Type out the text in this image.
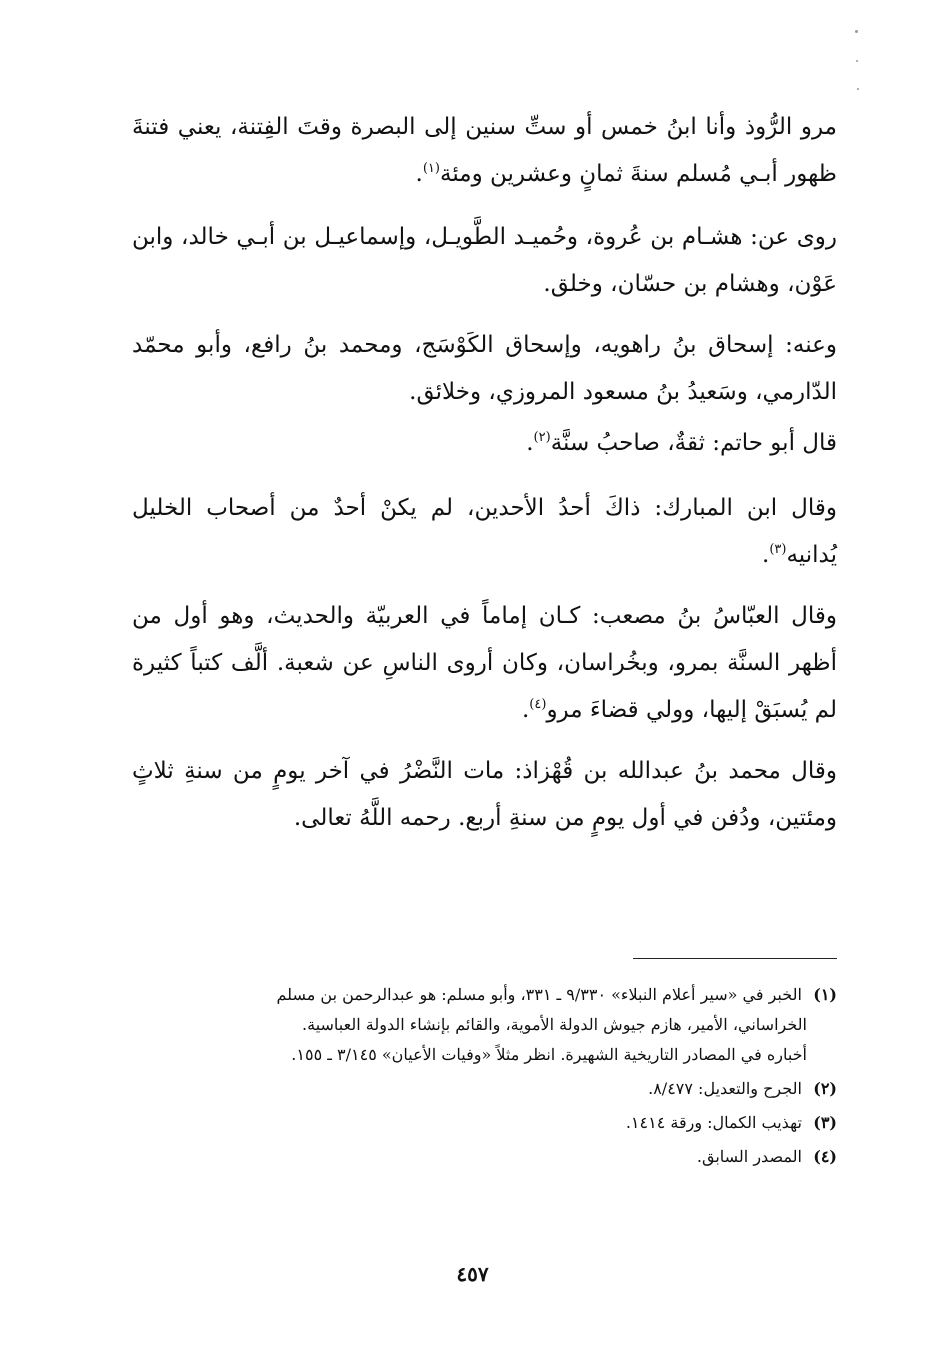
مرو الرُّوذ وأنا ابنُ خمس أو ستِّ سنين إلى البصرة وقتَ الفِتنة، يعني فتنةَ ظهور أبـي مُسلم سنةَ ثمانٍ وعشرين ومئة$^{(١)}$.

روى عن: هشـام بن عُروة، وحُميـد الطَّويـل، وإسماعيـل بن أبـي خالد، وابن عَوْن، وهشام بن حسّان، وخلق.

وعنه: إسحاق بنُ راهويه، وإسحاق الكَوْسَج، ومحمد بنُ رافع، وأبو محمّد الدّارمي، وسَعيدُ بنُ مسعود المروزي، وخلائق.

قال أبو حاتم: ثقةٌ، صاحبُ سنَّة$^{(٢)}$.

وقال ابن المبارك: ذاكَ أحدُ الأحدين، لم يكنْ أحدٌ من أصحاب الخليل يُدانيه$^{(٣)}$.

وقال العبّاسُ بنُ مصعب: كـان إماماً في العربيّة والحديث، وهو أول من أظهر السنَّة بمرو، وبخُراسان، وكان أروى الناسِ عن شعبة. ألَّف كتباً كثيرة لم يُسبَقْ إليها، وولي قضاءَ مرو$^{(٤)}$.

وقال محمد بنُ عبدالله بن قُهْزاذ: مات النَّضْرُ في آخر يومٍ من سنةِ ثلاثٍ ومئتين، ودُفن في أول يومٍ من سنةِ أربع. رحمه اللَّهُ تعالى.

(١) الخبر في «سير أعلام النبلاء» ٩/٣٣٠ ـ ٣٣١، وأبو مسلم: هو عبدالرحمن بن مسلم
الخراساني، الأمير، هازم جيوش الدولة الأموية، والقائم بإنشاء الدولة العباسية.
أخباره في المصادر التاريخية الشهيرة. انظر مثلاً «وفيات الأعيان» ٣/١٤٥ ـ ١٥٥.
(٢) الجرح والتعديل: ٨/٤٧٧.
(٣) تهذيب الكمال: ورقة ١٤١٤.
(٤) المصدر السابق.
٤٥٧
